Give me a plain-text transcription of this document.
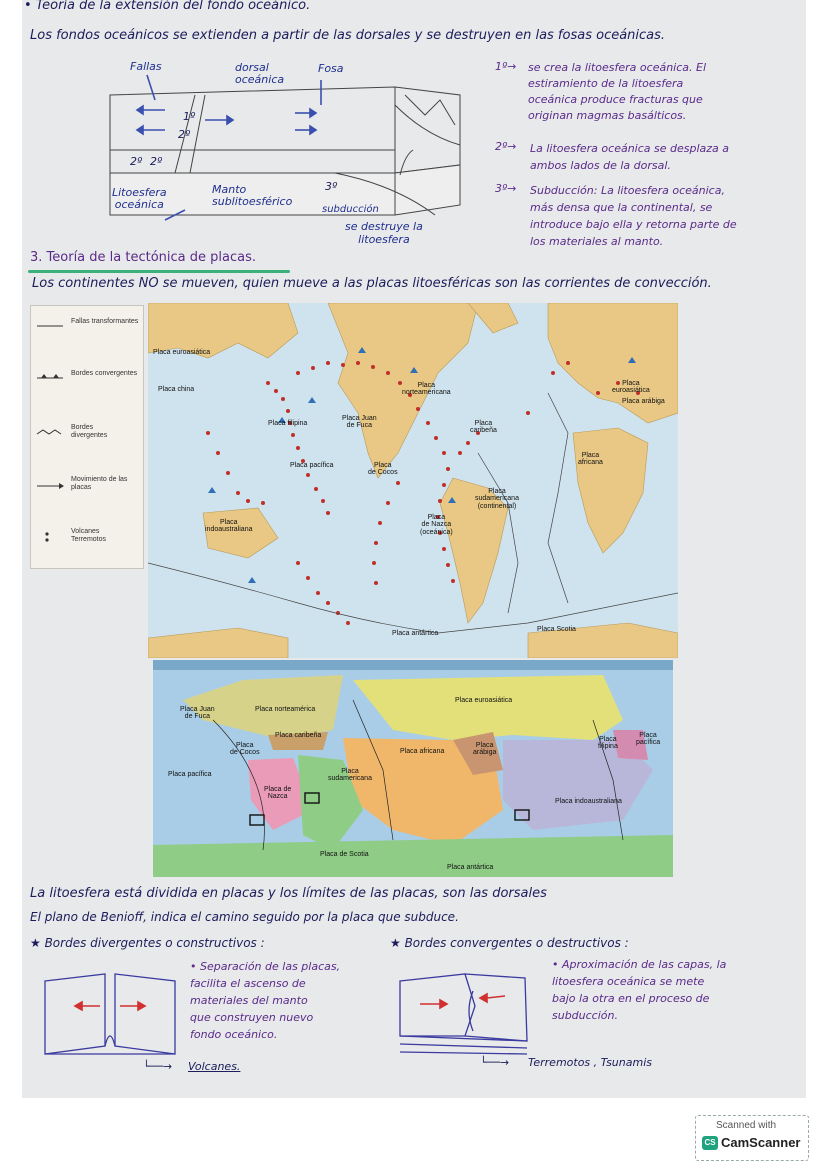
• Teoría de la extensión del fondo oceánico.
Los fondos oceánicos se extienden a partir de las dorsales y se destruyen en las fosas oceánicas.
Fallas	dorsal
oceánica
Fosa
1º
2º 2º
2º
3º
Litoesfera
oceánica
Manto
sublitoesférico
subducción
se destruye la
litoesfera
1º→ se crea la litoesfera oceánica. El
estiramiento de la litoesfera
oceánica produce fracturas que
originan magmas basálticos.
2º→ La litoesfera oceánica se desplaza a
ambos lados de la dorsal.
3º→ Subducción: La litoesfera oceánica,
más densa que la continental, se
introduce bajo ella y retorna parte de
los materiales al manto.
3. Teoría de la tectónica de placas.
Los continentes NO se mueven, quien mueve a las placas litoesféricas son las corrientes de convección.
Fallas transformantes
Bordes convergentes
Bordes divergentes
Movimiento de las placas
Volcanes Terremotos
Placa euroasiática
Placa china
Placa filipina
Placa Juan
de Fuca
Placa
norteamericana
Placa
euroasiática
Placa arábiga
Placa
caribeña
Placa
africana
Placa pacífica	Placa
de Cocos
Placa
sudamericana
(continental)
Placa
de Nazca
(oceánica)
Placa
indoaustraliana
Placa antártica
Placa Scotia
Placa Juan
de Fuca
Placa norteamérica
Placa euroasiática
Placa caribeña
Placa
de Cocos	Placa africana
Placa
arábiga
Placa
filipina
Placa
pacífica
Placa pacífica	Placa
sudamericana
Placa de
Nazca
Placa indoaustraliana
Placa de Scotia
Placa antártica
La litoesfera está dividida en placas y los límites de las placas, son las dorsales
El plano de Benioff, indica el camino seguido por la placa que subduce.
★ Bordes divergentes o constructivos :
• Separación de las placas,
facilita el ascenso de
materiales del manto
que construyen nuevo
fondo oceánico.
└──→ Volcanes.
★ Bordes convergentes o destructivos :
• Aproximación de las capas, la
litoesfera oceánica se mete
bajo la otra en el proceso de
subducción.
└──→ Terremotos , Tsunamis
Scanned with
CS CamScanner
